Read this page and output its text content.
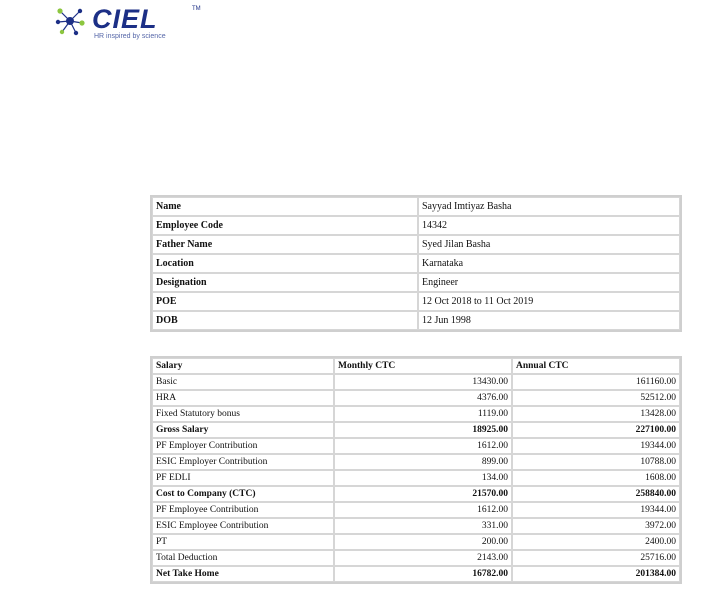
CIEL	TM
HR inspired by science
Name	Sayyad Imtiyaz Basha
Employee Code	14342
Father Name	Syed Jilan Basha
Location	Karnataka
Designation	Engineer
POE	12 Oct 2018 to 11 Oct 2019
DOB	12 Jun 1998
Salary	Monthly CTC	Annual CTC
Basic	13430.00	161160.00
HRA	4376.00	52512.00
Fixed Statutory bonus	1119.00	13428.00
Gross Salary	18925.00	227100.00
PF Employer Contribution	1612.00	19344.00
ESIC Employer Contribution	899.00	10788.00
PF EDLI	134.00	1608.00
Cost to Company (CTC)	21570.00	258840.00
PF Employee Contribution	1612.00	19344.00
ESIC Employee Contribution	331.00	3972.00
PT	200.00	2400.00
Total Deduction	2143.00	25716.00
Net Take Home	16782.00	201384.00
